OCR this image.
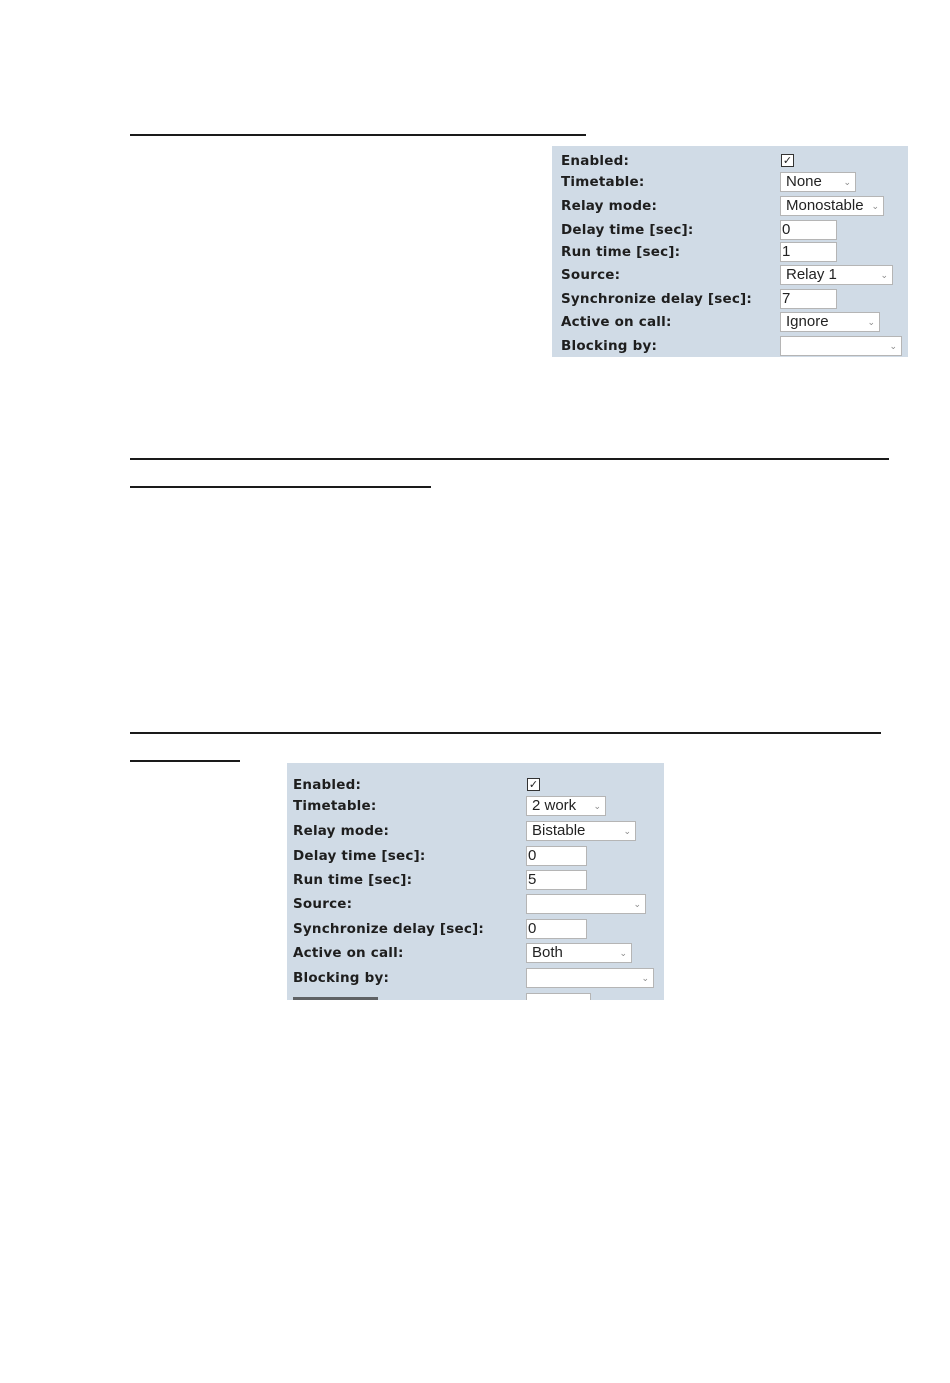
Enabled:	✓
Timetable:	None ⌄
Relay mode:	Monostable ⌄
Delay time [sec]:	0
Run time [sec]:	1
Source:	Relay 1	⌄
Synchronize delay [sec]: 7
Active on call:	Ignore	⌄
Blocking by:	⌄
Enabled:	✓
Timetable:	2 work ⌄
Relay mode:	Bistable	⌄
Delay time [sec]:	0
Run time [sec]:	5
Source:	⌄
Synchronize delay [sec]:	0
Active on call:	Both	⌄
Blocking by:	⌄
